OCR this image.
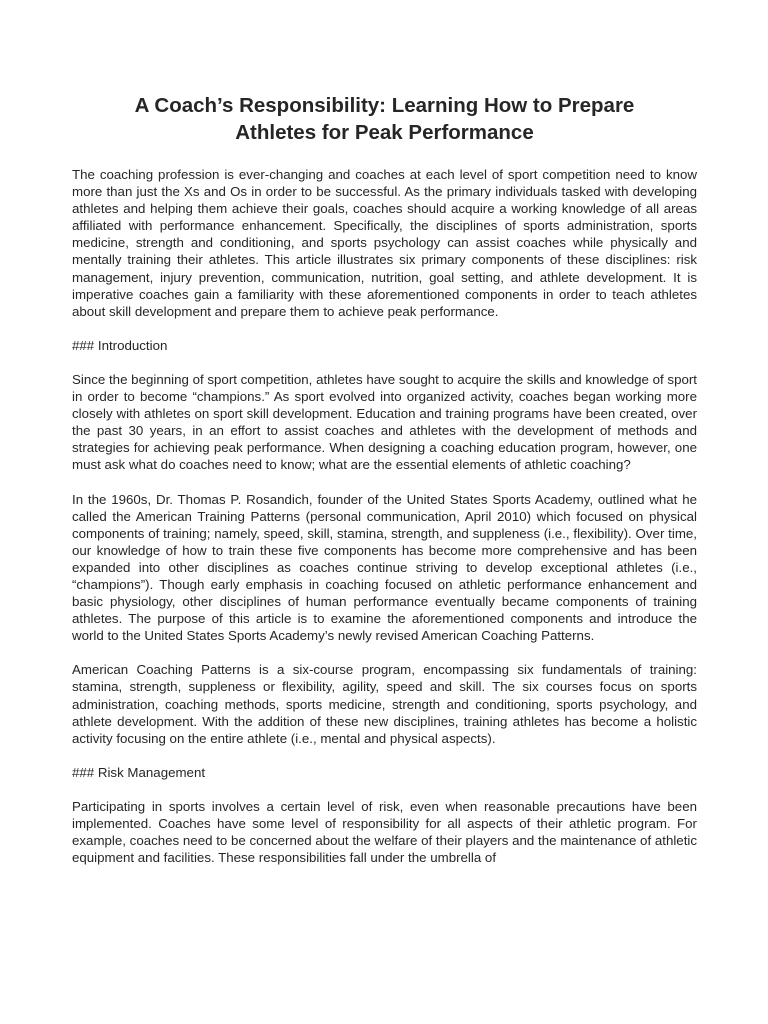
A Coach’s Responsibility: Learning How to Prepare
Athletes for Peak Performance

The coaching profession is ever-changing and coaches at each level of sport competition need to know more than just the Xs and Os in order to be successful. As the primary individuals tasked with developing athletes and helping them achieve their goals, coaches should acquire a working knowledge of all areas affiliated with performance enhancement. Specifically, the disciplines of sports administration, sports medicine, strength and conditioning, and sports psychology can assist coaches while physically and mentally training their athletes. This article illustrates six primary components of these disciplines: risk management, injury prevention, communication, nutrition, goal setting, and athlete development. It is imperative coaches gain a familiarity with these aforementioned components in order to teach athletes about skill development and prepare them to achieve peak performance.

### Introduction

Since the beginning of sport competition, athletes have sought to acquire the skills and knowledge of sport in order to become “champions.” As sport evolved into organized activity, coaches began working more closely with athletes on sport skill development. Education and training programs have been created, over the past 30 years, in an effort to assist coaches and athletes with the development of methods and strategies for achieving peak performance. When designing a coaching education program, however, one must ask what do coaches need to know; what are the essential elements of athletic coaching?

In the 1960s, Dr. Thomas P. Rosandich, founder of the United States Sports Academy, outlined what he called the American Training Patterns (personal communication, April 2010) which focused on physical components of training; namely, speed, skill, stamina, strength, and suppleness (i.e., flexibility). Over time, our knowledge of how to train these five components has become more comprehensive and has been expanded into other disciplines as coaches continue striving to develop exceptional athletes (i.e., “champions”). Though early emphasis in coaching focused on athletic performance enhancement and basic physiology, other disciplines of human performance eventually became components of training athletes. The purpose of this article is to examine the aforementioned components and introduce the world to the United States Sports Academy’s newly revised American Coaching Patterns.

American Coaching Patterns is a six-course program, encompassing six fundamentals of training: stamina, strength, suppleness or flexibility, agility, speed and skill. The six courses focus on sports administration, coaching methods, sports medicine, strength and conditioning, sports psychology, and athlete development. With the addition of these new disciplines, training athletes has become a holistic activity focusing on the entire athlete (i.e., mental and physical aspects).

### Risk Management

Participating in sports involves a certain level of risk, even when reasonable precautions have been implemented. Coaches have some level of responsibility for all aspects of their athletic program. For example, coaches need to be concerned about the welfare of their players and the maintenance of athletic equipment and facilities. These responsibilities fall under the umbrella of
